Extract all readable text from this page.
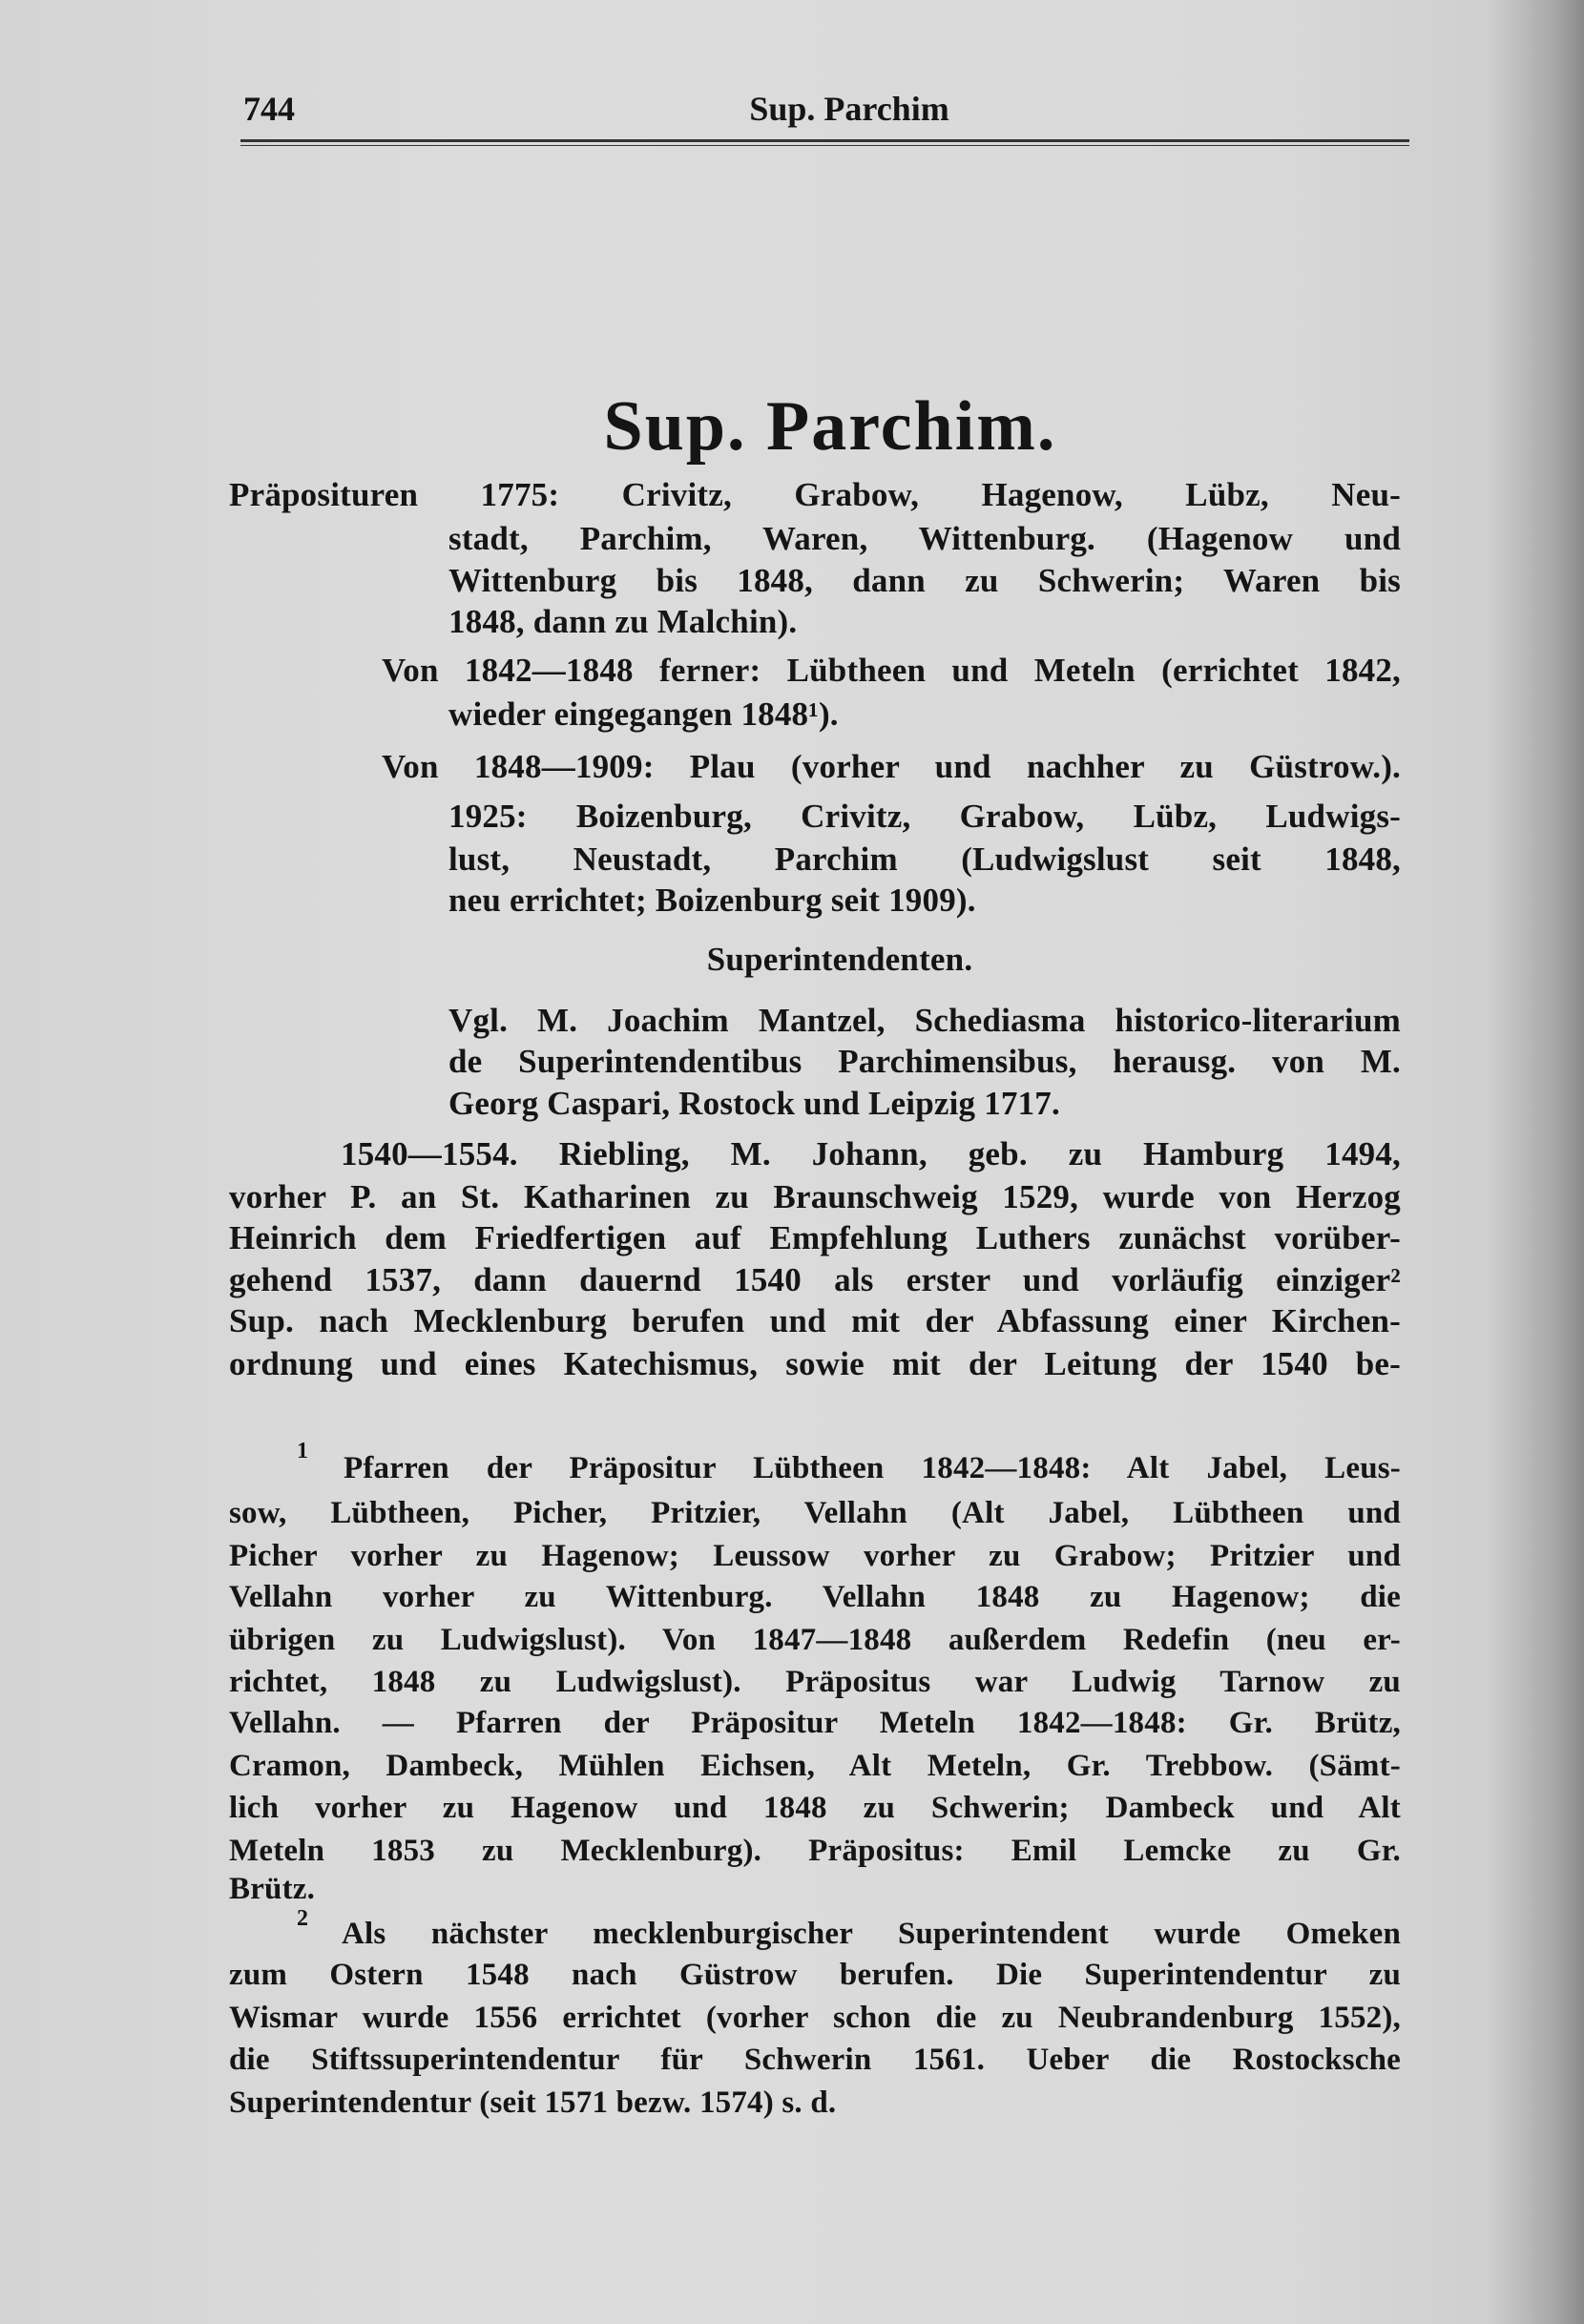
744	Sup. Parchim
Sup. Parchim.
Präposituren 1775: Crivitz, Grabow, Hagenow, Lübz, Neu-
stadt, Parchim, Waren, Wittenburg. (Hagenow und
Wittenburg bis 1848, dann zu Schwerin; Waren bis
1848, dann zu Malchin).
Von 1842—1848 ferner: Lübtheen und Meteln (errichtet 1842,
wieder eingegangen 1848¹).
Von 1848—1909: Plau (vorher und nachher zu Güstrow.).
1925: Boizenburg, Crivitz, Grabow, Lübz, Ludwigs-
lust, Neustadt, Parchim (Ludwigslust seit 1848,
neu errichtet; Boizenburg seit 1909).
Superintendenten.
Vgl. M. Joachim Mantzel, Schediasma historico-literarium
de Superintendentibus Parchimensibus, herausg. von M.
Georg Caspari, Rostock und Leipzig 1717.
1540—1554. Riebling, M. Johann, geb. zu Hamburg 1494,
vorher P. an St. Katharinen zu Braunschweig 1529, wurde von Herzog
Heinrich dem Friedfertigen auf Empfehlung Luthers zunächst vorüber-
gehend 1537, dann dauernd 1540 als erster und vorläufig einziger²
Sup. nach Mecklenburg berufen und mit der Abfassung einer Kirchen-
ordnung und eines Katechismus, sowie mit der Leitung der 1540 be-
1 Pfarren der Präpositur Lübtheen 1842—1848: Alt Jabel, Leus-
sow, Lübtheen, Picher, Pritzier, Vellahn (Alt Jabel, Lübtheen und
Picher vorher zu Hagenow; Leussow vorher zu Grabow; Pritzier und
Vellahn vorher zu Wittenburg. Vellahn 1848 zu Hagenow; die
übrigen zu Ludwigslust). Von 1847—1848 außerdem Redefin (neu er-
richtet, 1848 zu Ludwigslust). Präpositus war Ludwig Tarnow zu
Vellahn. — Pfarren der Präpositur Meteln 1842—1848: Gr. Brütz,
Cramon, Dambeck, Mühlen Eichsen, Alt Meteln, Gr. Trebbow. (Sämt-
lich vorher zu Hagenow und 1848 zu Schwerin; Dambeck und Alt
Meteln 1853 zu Mecklenburg). Präpositus: Emil Lemcke zu Gr.
Brütz.
2 Als nächster mecklenburgischer Superintendent wurde Omeken
zum Ostern 1548 nach Güstrow berufen. Die Superintendentur zu
Wismar wurde 1556 errichtet (vorher schon die zu Neubrandenburg 1552),
die Stiftssuperintendentur für Schwerin 1561. Ueber die Rostocksche
Superintendentur (seit 1571 bezw. 1574) s. d.
